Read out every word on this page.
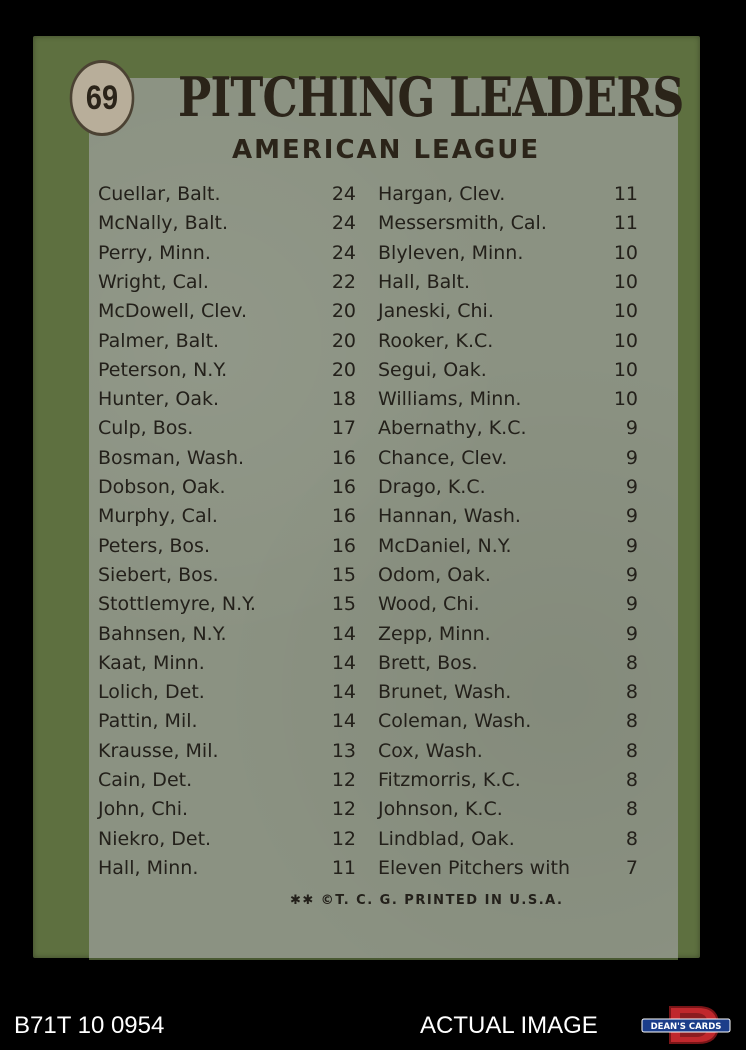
69 PITCHING LEADERS
AMERICAN LEAGUE
Cuellar, Balt.	24
McNally, Balt.	24
Perry, Minn.	24
Wright, Cal.	22
McDowell, Clev.	20
Palmer, Balt.	20
Peterson, N.Y.	20
Hunter, Oak.	18
Culp, Bos.	17
Bosman, Wash.	16
Dobson, Oak.	16
Murphy, Cal.	16
Peters, Bos.	16
Siebert, Bos.	15
Stottlemyre, N.Y.	15
Bahnsen, N.Y.	14
Kaat, Minn.	14
Lolich, Det.	14
Pattin, Mil.	14
Krausse, Mil.	13
Cain, Det.	12
John, Chi.	12
Niekro, Det.	12
Hall, Minn.	11
Hargan, Clev.	11
Messersmith, Cal.	11
Blyleven, Minn.	10
Hall, Balt.	10
Janeski, Chi.	10
Rooker, K.C.	10
Segui, Oak.	10
Williams, Minn.	10
Abernathy, K.C.	9
Chance, Clev.	9
Drago, K.C.	9
Hannan, Wash.	9
McDaniel, N.Y.	9
Odom, Oak.	9
Wood, Chi.	9
Zepp, Minn.	9
Brett, Bos.	8
Brunet, Wash.	8
Coleman, Wash.	8
Cox, Wash.	8
Fitzmorris, K.C.	8
Johnson, K.C.	8
Lindblad, Oak.	8
Eleven Pitchers with	7
✱✱ ©T. C. G. PRINTED IN U.S.A.
B71T 10 0954	ACTUAL IMAGE	DEAN'S CARDS
